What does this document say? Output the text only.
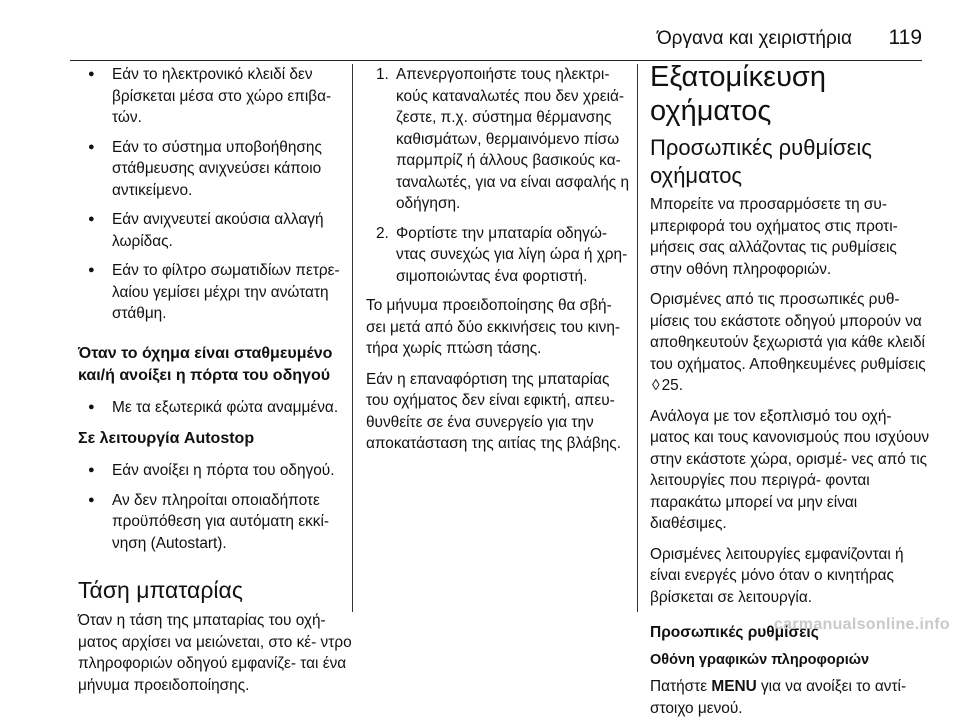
Όργανα και χειριστήρια 119
● Εάν το ηλεκτρονικό κλειδί δεν βρίσκεται μέσα στο χώρο επιβα- τών.
● Εάν το σύστημα υποβοήθησης στάθμευσης ανιχνεύσει κάποιο αντικείμενο.
● Εάν ανιχνευτεί ακούσια αλλαγή λωρίδας.
● Εάν το φίλτρο σωματιδίων πετρε- λαίου γεμίσει μέχρι την ανώτατη στάθμη.
Όταν το όχημα είναι σταθμευμένο και/ή ανοίξει η πόρτα του οδηγού
● Με τα εξωτερικά φώτα αναμμένα.
Σε λειτουργία Autostop
● Εάν ανοίξει η πόρτα του οδηγού.
● Αν δεν πληροίται οποιαδήποτε προϋπόθεση για αυτόματη εκκί- νηση (Autostart).
Τάση μπαταρίας

Όταν η τάση της μπαταρίας του οχή- ματος αρχίσει να μειώνεται, στο κέ- ντρο πληροφοριών οδηγού εμφανίζε- ται ένα μήνυμα προειδοποίησης.

1. Απενεργοποιήστε τους ηλεκτρι- κούς καταναλωτές που δεν χρειά- ζεστε, π.χ. σύστημα θέρμανσης καθισμάτων, θερμαινόμενο πίσω παρμπρίζ ή άλλους βασικούς κα- ταναλωτές, για να είναι ασφαλής η οδήγηση.
2. Φορτίστε την μπαταρία οδηγώ- ντας συνεχώς για λίγη ώρα ή χρη- σιμοποιώντας ένα φορτιστή.

Το μήνυμα προειδοποίησης θα σβή- σει μετά από δύο εκκινήσεις του κινη- τήρα χωρίς πτώση τάσης.

Εάν η επαναφόρτιση της μπαταρίας του οχήματος δεν είναι εφικτή, απευ- θυνθείτε σε ένα συνεργείο για την αποκατάσταση της αιτίας της βλάβης.

Εξατομίκευση οχήματος
Προσωπικές ρυθμίσεις οχήματος

Μπορείτε να προσαρμόσετε τη συ- μπεριφορά του οχήματος στις προτι- μήσεις σας αλλάζοντας τις ρυθμίσεις στην οθόνη πληροφοριών.

Ορισμένες από τις προσωπικές ρυθ- μίσεις του εκάστοτε οδηγού μπορούν να αποθηκευτούν ξεχωριστά για κάθε κλειδί του οχήματος. Αποθηκευμένες ρυθμίσεις ◊ 25.

Ανάλογα με τον εξοπλισμό του οχή- ματος και τους κανονισμούς που ισχύουν στην εκάστοτε χώρα, ορισμέ- νες από τις λειτουργίες που περιγρά- φονται παρακάτω μπορεί να μην είναι διαθέσιμες.

Ορισμένες λειτουργίες εμφανίζονται ή είναι ενεργές μόνο όταν ο κινητήρας βρίσκεται σε λειτουργία.

Προσωπικές ρυθμίσεις
Οθόνη γραφικών πληροφοριών

Πατήστε MENU για να ανοίξει το αντί- στοιχο μενού.

carmanualsonline.info
